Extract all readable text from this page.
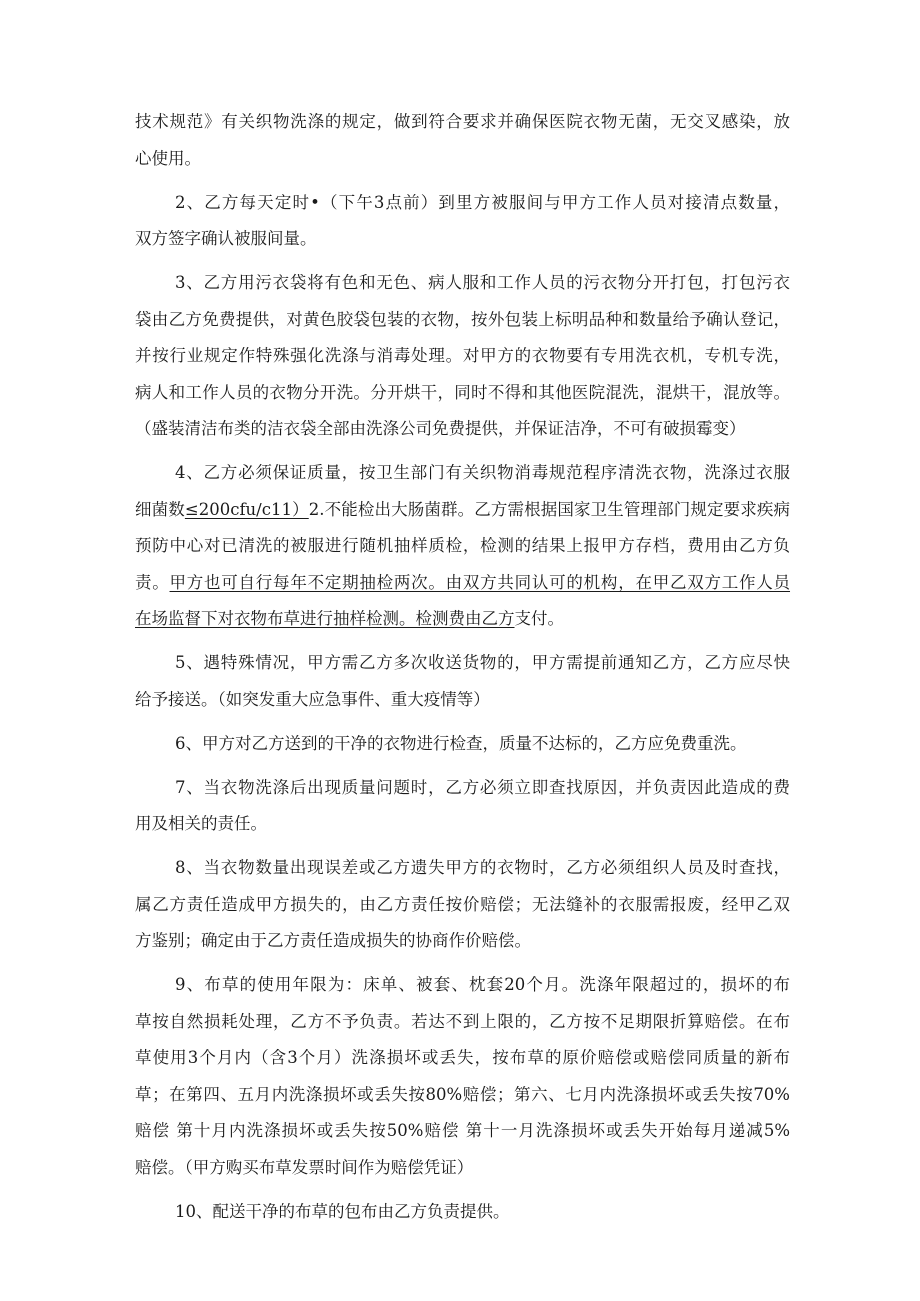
技术规范》有关织物洗涤的规定，做到符合要求并确保医院衣物无菌，无交叉感染，放
心使用。
2、乙方每天定时•（下午3点前）到里方被服间与甲方工作人员对接清点数量，
双方签字确认被服间量。
3、乙方用污衣袋将有色和无色、病人服和工作人员的污衣物分开打包，打包污衣
袋由乙方免费提供，对黄色胶袋包装的衣物，按外包装上标明品种和数量给予确认登记，
并按行业规定作特殊强化洗涤与消毒处理。对甲方的衣物要有专用洗衣机，专机专洗，
病人和工作人员的衣物分开洗。分开烘干，同时不得和其他医院混洗，混烘干，混放等。
（盛装清洁布类的洁衣袋全部由洗涤公司免费提供，并保证洁净，不可有破损霉变）
4、乙方必须保证质量，按卫生部门有关织物消毒规范程序清洗衣物，洗涤过衣服
细菌数≤200cfu∕c11）2.不能检出大肠菌群。乙方需根据国家卫生管理部门规定要求疾病
预防中心对已清洗的被服进行随机抽样质检，检测的结果上报甲方存档，费用由乙方负
责。甲方也可自行每年不定期抽检两次。由双方共同认可的机构，在甲乙双方工作人员
在场监督下对衣物布草进行抽样检测。检测费由乙方支付。
5、遇特殊情况，甲方需乙方多次收送货物的，甲方需提前通知乙方，乙方应尽快
给予接送。（如突发重大应急事件、重大疫情等）
6、甲方对乙方送到的干净的衣物进行检查，质量不达标的，乙方应免费重洗。
7、当衣物洗涤后出现质量问题时，乙方必须立即查找原因，并负责因此造成的费
用及相关的责任。
8、当衣物数量出现误差或乙方遗失甲方的衣物时，乙方必须组织人员及时查找，
属乙方责任造成甲方损失的，由乙方责任按价赔偿；无法缝补的衣服需报废，经甲乙双
方鉴别；确定由于乙方责任造成损失的协商作价赔偿。
9、布草的使用年限为：床单、被套、枕套20个月。洗涤年限超过的，损坏的布
草按自然损耗处理，乙方不予负责。若达不到上限的，乙方按不足期限折算赔偿。在布
草使用3个月内（含3个月）洗涤损坏或丢失，按布草的原价赔偿或赔偿同质量的新布
草；在第四、五月内洗涤损坏或丢失按80%赔偿；第六、七月内洗涤损坏或丢失按70%
赔偿 第十月内洗涤损坏或丢失按50%赔偿 第十一月洗涤损坏或丢失开始每月递减5%
赔偿。（甲方购买布草发票时间作为赔偿凭证）
10、配送干净的布草的包布由乙方负责提供。
